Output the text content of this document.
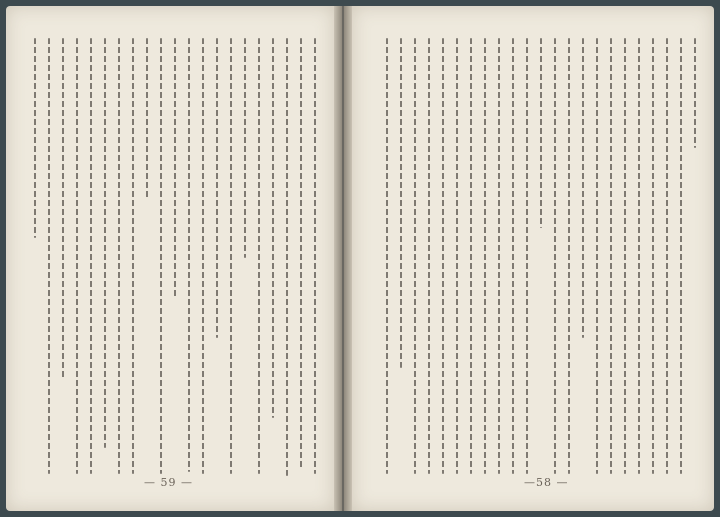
— 59 —	—58 —
